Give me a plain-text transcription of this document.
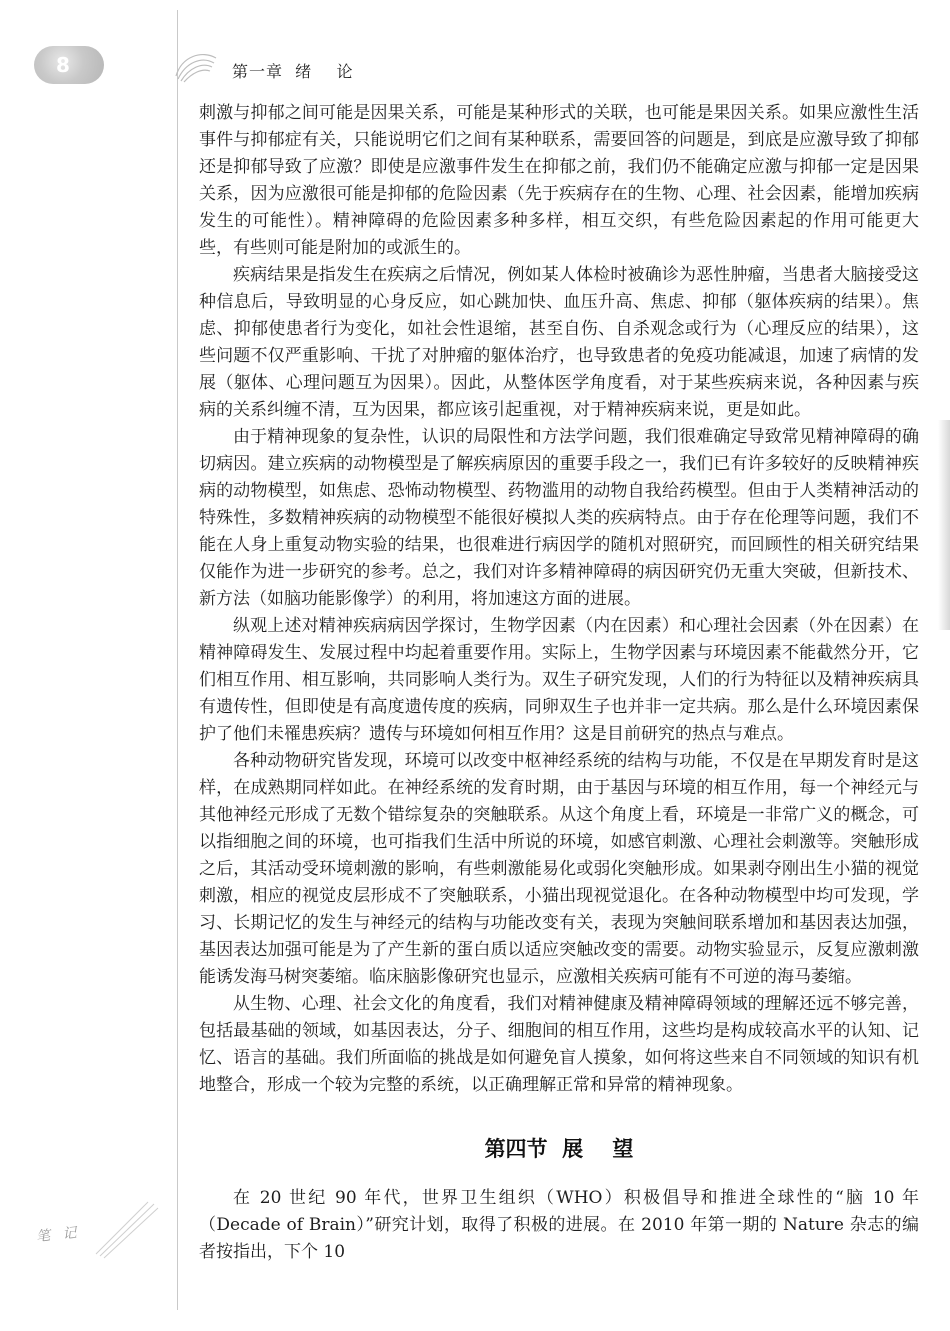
8	第一章  绪    论

刺激与抑郁之间可能是因果关系，可能是某种形式的关联，也可能是果因关系。如果应激性生活事件与抑郁症有关，只能说明它们之间有某种联系，需要回答的问题是，到底是应激导致了抑郁还是抑郁导致了应激？即使是应激事件发生在抑郁之前，我们仍不能确定应激与抑郁一定是因果关系，因为应激很可能是抑郁的危险因素（先于疾病存在的生物、心理、社会因素，能增加疾病发生的可能性）。精神障碍的危险因素多种多样，相互交织，有些危险因素起的作用可能更大些，有些则可能是附加的或派生的。

疾病结果是指发生在疾病之后情况，例如某人体检时被确诊为恶性肿瘤，当患者大脑接受这种信息后，导致明显的心身反应，如心跳加快、血压升高、焦虑、抑郁（躯体疾病的结果）。焦虑、抑郁使患者行为变化，如社会性退缩，甚至自伤、自杀观念或行为（心理反应的结果），这些问题不仅严重影响、干扰了对肿瘤的躯体治疗，也导致患者的免疫功能减退，加速了病情的发展（躯体、心理问题互为因果）。因此，从整体医学角度看，对于某些疾病来说，各种因素与疾病的关系纠缠不清，互为因果，都应该引起重视，对于精神疾病来说，更是如此。

由于精神现象的复杂性，认识的局限性和方法学问题，我们很难确定导致常见精神障碍的确切病因。建立疾病的动物模型是了解疾病原因的重要手段之一，我们已有许多较好的反映精神疾病的动物模型，如焦虑、恐怖动物模型、药物滥用的动物自我给药模型。但由于人类精神活动的特殊性，多数精神疾病的动物模型不能很好模拟人类的疾病特点。由于存在伦理等问题，我们不能在人身上重复动物实验的结果，也很难进行病因学的随机对照研究，而回顾性的相关研究结果仅能作为进一步研究的参考。总之，我们对许多精神障碍的病因研究仍无重大突破，但新技术、新方法（如脑功能影像学）的利用，将加速这方面的进展。

纵观上述对精神疾病病因学探讨，生物学因素（内在因素）和心理社会因素（外在因素）在精神障碍发生、发展过程中均起着重要作用。实际上，生物学因素与环境因素不能截然分开，它们相互作用、相互影响，共同影响人类行为。双生子研究发现，人们的行为特征以及精神疾病具有遗传性，但即使是有高度遗传度的疾病，同卵双生子也并非一定共病。那么是什么环境因素保护了他们未罹患疾病？遗传与环境如何相互作用？这是目前研究的热点与难点。

各种动物研究皆发现，环境可以改变中枢神经系统的结构与功能，不仅是在早期发育时是这样，在成熟期同样如此。在神经系统的发育时期，由于基因与环境的相互作用，每一个神经元与其他神经元形成了无数个错综复杂的突触联系。从这个角度上看，环境是一非常广义的概念，可以指细胞之间的环境，也可指我们生活中所说的环境，如感官刺激、心理社会刺激等。突触形成之后，其活动受环境刺激的影响，有些刺激能易化或弱化突触形成。如果剥夺刚出生小猫的视觉刺激，相应的视觉皮层形成不了突触联系，小猫出现视觉退化。在各种动物模型中均可发现，学习、长期记忆的发生与神经元的结构与功能改变有关，表现为突触间联系增加和基因表达加强，基因表达加强可能是为了产生新的蛋白质以适应突触改变的需要。动物实验显示，反复应激刺激能诱发海马树突萎缩。临床脑影像研究也显示，应激相关疾病可能有不可逆的海马萎缩。

从生物、心理、社会文化的角度看，我们对精神健康及精神障碍领域的理解还远不够完善，包括最基础的领域，如基因表达，分子、细胞间的相互作用，这些均是构成较高水平的认知、记忆、语言的基础。我们所面临的挑战是如何避免盲人摸象，如何将这些来自不同领域的知识有机地整合，形成一个较为完整的系统，以正确理解正常和异常的精神现象。

第四节  展    望

在 20 世纪 90 年代，世界卫生组织（WHO）积极倡导和推进全球性的“脑 10 年（Decade of Brain）”研究计划，取得了积极的进展。在 2010 年第一期的 Nature 杂志的编者按指出，下个 10

笔 记
